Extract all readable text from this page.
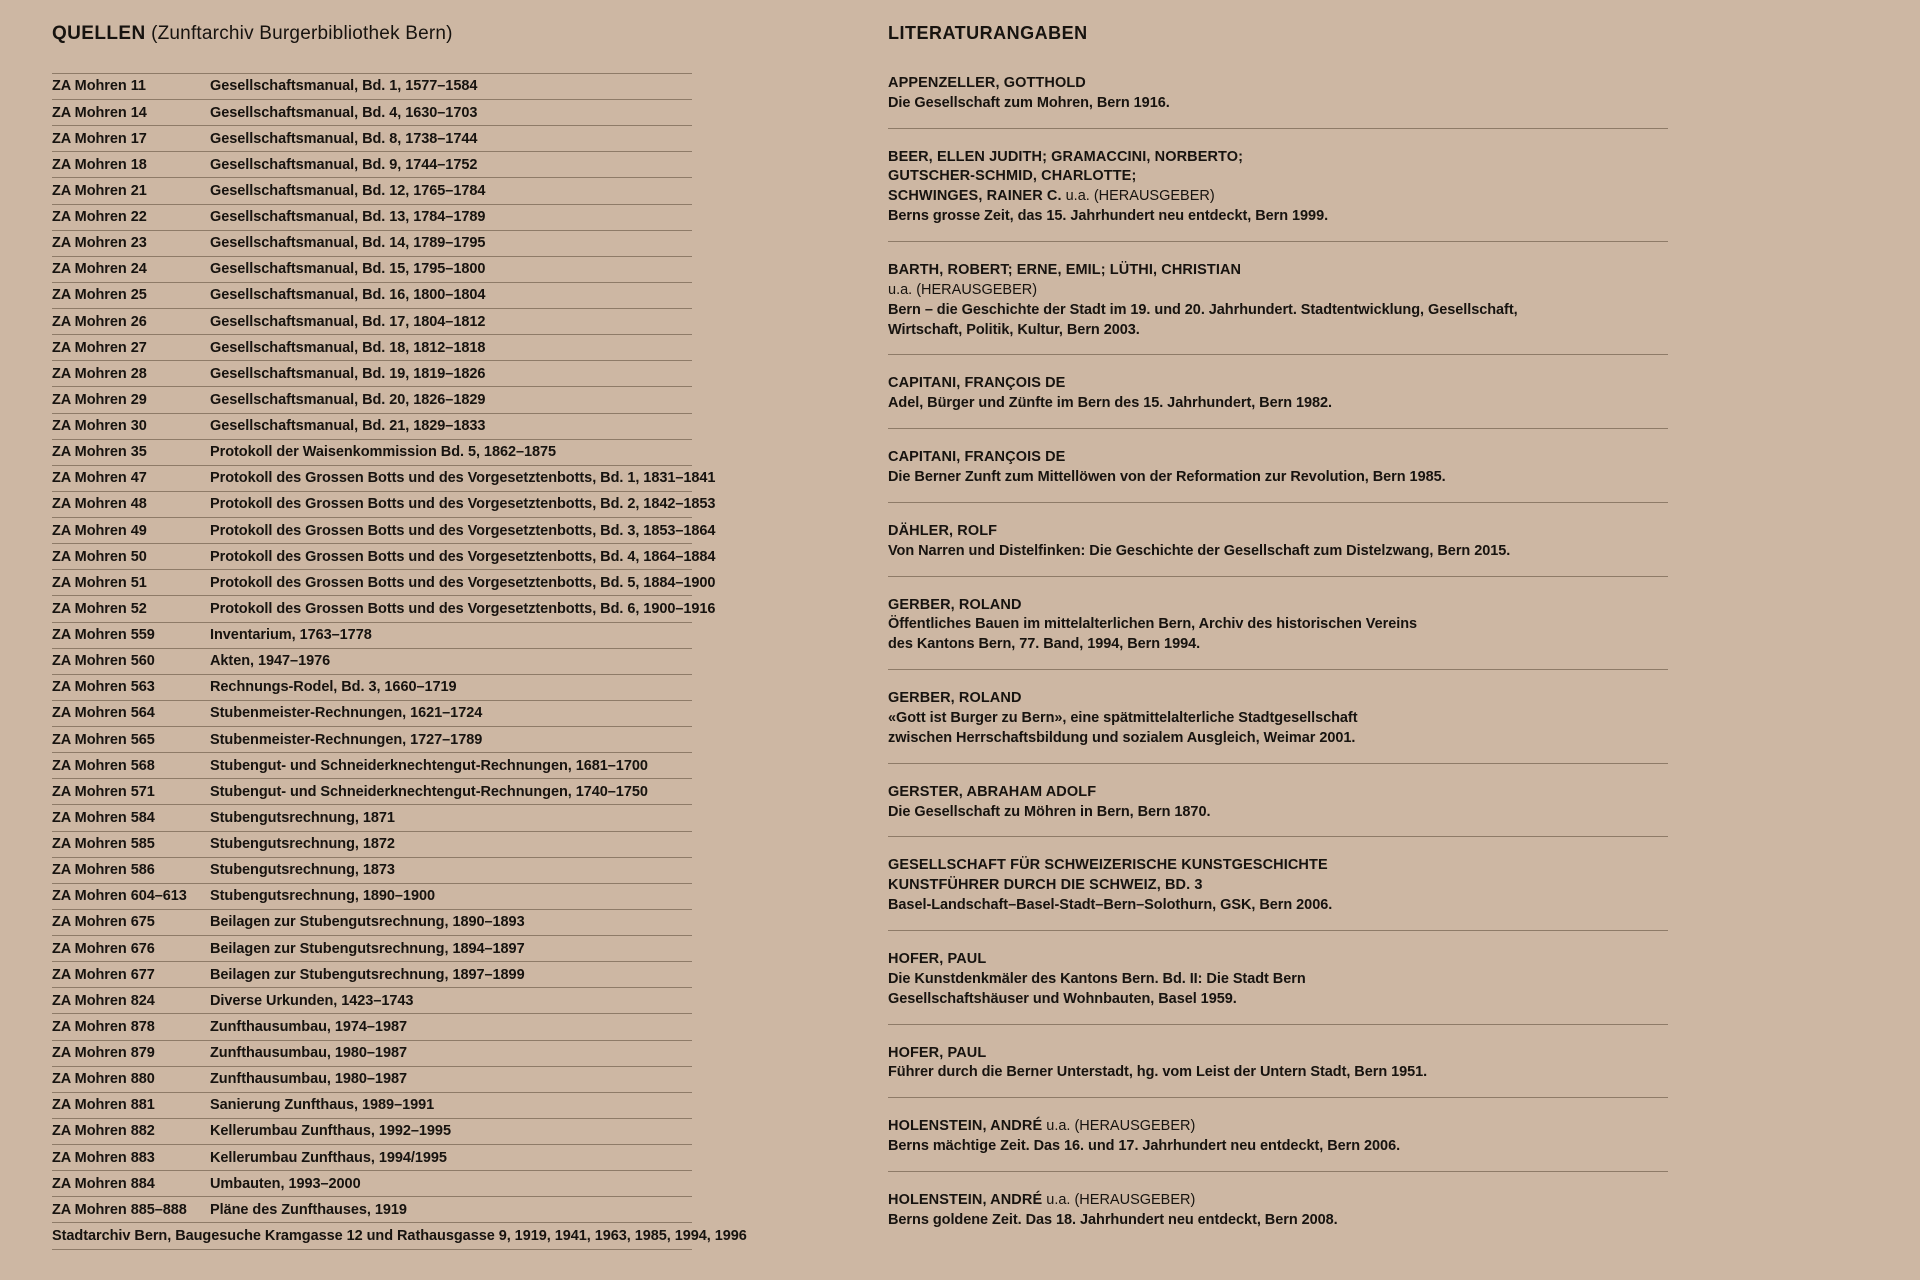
QUELLEN (Zunftarchiv Burgerbibliothek Bern)
ZA Mohren 11	Gesellschaftsmanual, Bd. 1, 1577–1584
ZA Mohren 14	Gesellschaftsmanual, Bd. 4, 1630–1703
ZA Mohren 17	Gesellschaftsmanual, Bd. 8, 1738–1744
ZA Mohren 18	Gesellschaftsmanual, Bd. 9, 1744–1752
ZA Mohren 21	Gesellschaftsmanual, Bd. 12, 1765–1784
ZA Mohren 22	Gesellschaftsmanual, Bd. 13, 1784–1789
ZA Mohren 23	Gesellschaftsmanual, Bd. 14, 1789–1795
ZA Mohren 24	Gesellschaftsmanual, Bd. 15, 1795–1800
ZA Mohren 25	Gesellschaftsmanual, Bd. 16, 1800–1804
ZA Mohren 26	Gesellschaftsmanual, Bd. 17, 1804–1812
ZA Mohren 27	Gesellschaftsmanual, Bd. 18, 1812–1818
ZA Mohren 28	Gesellschaftsmanual, Bd. 19, 1819–1826
ZA Mohren 29	Gesellschaftsmanual, Bd. 20, 1826–1829
ZA Mohren 30	Gesellschaftsmanual, Bd. 21, 1829–1833
ZA Mohren 35	Protokoll der Waisenkommission Bd. 5, 1862–1875
ZA Mohren 47	Protokoll des Grossen Botts und des Vorgesetztenbotts, Bd. 1, 1831–1841
ZA Mohren 48	Protokoll des Grossen Botts und des Vorgesetztenbotts, Bd. 2, 1842–1853
ZA Mohren 49	Protokoll des Grossen Botts und des Vorgesetztenbotts, Bd. 3, 1853–1864
ZA Mohren 50	Protokoll des Grossen Botts und des Vorgesetztenbotts, Bd. 4, 1864–1884
ZA Mohren 51	Protokoll des Grossen Botts und des Vorgesetztenbotts, Bd. 5, 1884–1900
ZA Mohren 52	Protokoll des Grossen Botts und des Vorgesetztenbotts, Bd. 6, 1900–1916
ZA Mohren 559	Inventarium, 1763–1778
ZA Mohren 560	Akten, 1947–1976
ZA Mohren 563	Rechnungs-Rodel, Bd. 3, 1660–1719
ZA Mohren 564	Stubenmeister-Rechnungen, 1621–1724
ZA Mohren 565	Stubenmeister-Rechnungen, 1727–1789
ZA Mohren 568	Stubengut- und Schneiderknechtengut-Rechnungen, 1681–1700
ZA Mohren 571	Stubengut- und Schneiderknechtengut-Rechnungen, 1740–1750
ZA Mohren 584	Stubengutsrechnung, 1871
ZA Mohren 585	Stubengutsrechnung, 1872
ZA Mohren 586	Stubengutsrechnung, 1873
ZA Mohren 604–613	Stubengutsrechnung, 1890–1900
ZA Mohren 675	Beilagen zur Stubengutsrechnung, 1890–1893
ZA Mohren 676	Beilagen zur Stubengutsrechnung, 1894–1897
ZA Mohren 677	Beilagen zur Stubengutsrechnung, 1897–1899
ZA Mohren 824	Diverse Urkunden, 1423–1743
ZA Mohren 878	Zunfthausumbau, 1974–1987
ZA Mohren 879	Zunfthausumbau, 1980–1987
ZA Mohren 880	Zunfthausumbau, 1980–1987
ZA Mohren 881	Sanierung Zunfthaus, 1989–1991
ZA Mohren 882	Kellerumbau Zunfthaus, 1992–1995
ZA Mohren 883	Kellerumbau Zunfthaus, 1994/1995
ZA Mohren 884	Umbauten, 1993–2000
ZA Mohren 885–888	Pläne des Zunfthauses, 1919
Stadtarchiv Bern, Baugesuche Kramgasse 12 und Rathausgasse 9, 1919, 1941, 1963, 1985, 1994, 1996	
LITERATURANGABEN
APPENZELLER, GOTTHOLD
Die Gesellschaft zum Mohren, Bern 1916.
BEER, ELLEN JUDITH; GRAMACCINI, NORBERTO;
GUTSCHER-SCHMID, CHARLOTTE;
SCHWINGES, RAINER C. u.a. (HERAUSGEBER)
Berns grosse Zeit, das 15. Jahrhundert neu entdeckt, Bern 1999.
BARTH, ROBERT; ERNE, EMIL; LÜTHI, CHRISTIAN
u.a. (HERAUSGEBER)
Bern – die Geschichte der Stadt im 19. und 20. Jahrhundert. Stadtentwicklung, Gesellschaft,
Wirtschaft, Politik, Kultur, Bern 2003.
CAPITANI, FRANÇOIS DE
Adel, Bürger und Zünfte im Bern des 15. Jahrhundert, Bern 1982.
CAPITANI, FRANÇOIS DE
Die Berner Zunft zum Mittellöwen von der Reformation zur Revolution, Bern 1985.
DÄHLER, ROLF
Von Narren und Distelfinken: Die Geschichte der Gesellschaft zum Distelzwang, Bern 2015.
GERBER, ROLAND
Öffentliches Bauen im mittelalterlichen Bern, Archiv des historischen Vereins
des Kantons Bern, 77. Band, 1994, Bern 1994.
GERBER, ROLAND
«Gott ist Burger zu Bern», eine spätmittelalterliche Stadtgesellschaft
zwischen Herrschaftsbildung und sozialem Ausgleich, Weimar 2001.
GERSTER, ABRAHAM ADOLF
Die Gesellschaft zu Möhren in Bern, Bern 1870.
GESELLSCHAFT FÜR SCHWEIZERISCHE KUNSTGESCHICHTE
KUNSTFÜHRER DURCH DIE SCHWEIZ, BD. 3
Basel-Landschaft–Basel-Stadt–Bern–Solothurn, GSK, Bern 2006.
HOFER, PAUL
Die Kunstdenkmäler des Kantons Bern. Bd. II: Die Stadt Bern
Gesellschaftshäuser und Wohnbauten, Basel 1959.
HOFER, PAUL
Führer durch die Berner Unterstadt, hg. vom Leist der Untern Stadt, Bern 1951.
HOLENSTEIN, ANDRÉ u.a. (HERAUSGEBER)
Berns mächtige Zeit. Das 16. und 17. Jahrhundert neu entdeckt, Bern 2006.
HOLENSTEIN, ANDRÉ u.a. (HERAUSGEBER)
Berns goldene Zeit. Das 18. Jahrhundert neu entdeckt, Bern 2008.
